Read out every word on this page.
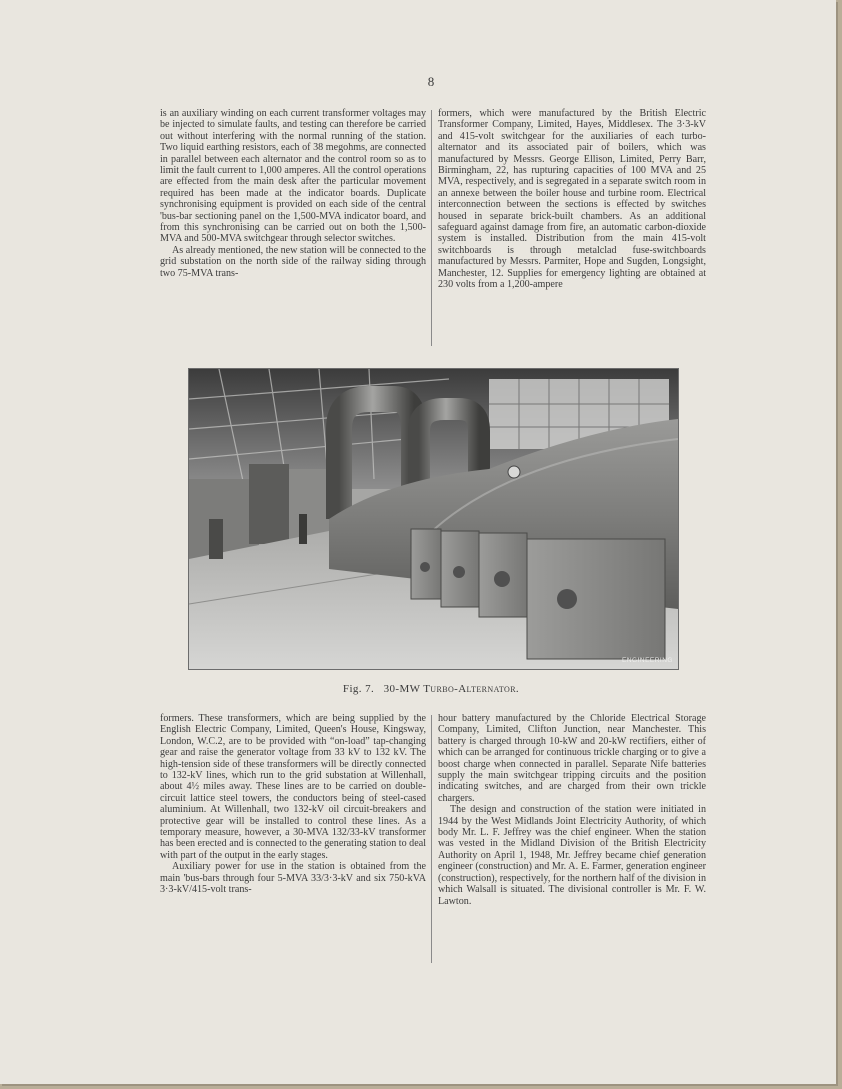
8

is an auxiliary winding on each current transformer voltages may be injected to simulate faults, and testing can therefore be carried out without interfering with the normal running of the station. Two liquid earthing resistors, each of 38 megohms, are connected in parallel between each alternator and the control room so as to limit the fault current to 1,000 amperes. All the control operations are effected from the main desk after the particular movement required has been made at the indicator boards. Duplicate synchronising equipment is provided on each side of the central 'bus-bar sectioning panel on the 1,500-MVA indicator board, and from this synchronising can be carried out on both the 1,500-MVA and 500-MVA switchgear through selector switches.

As already mentioned, the new station will be connected to the grid substation on the north side of the railway siding through two 75-MVA trans-

formers, which were manufactured by the British Electric Transformer Company, Limited, Hayes, Middlesex. The 3·3-kV and 415-volt switchgear for the auxiliaries of each turbo-alternator and its associated pair of boilers, which was manufactured by Messrs. George Ellison, Limited, Perry Barr, Birmingham, 22, has rupturing capacities of 100 MVA and 25 MVA, respectively, and is segregated in a separate switch room in an annexe between the boiler house and turbine room. Electrical interconnection between the sections is effected by switches housed in separate brick-built chambers. As an additional safeguard against damage from fire, an automatic carbon-dioxide system is installed. Distribution from the main 415-volt switchboards is through metalclad fuse-switchboards manufactured by Messrs. Parmiter, Hope and Sugden, Longsight, Manchester, 12. Supplies for emergency lighting are obtained at 230 volts from a 1,200-ampere

ENGINEERING
Fig. 7. 30-MW Turbo-Alternator.

formers. These transformers, which are being supplied by the English Electric Company, Limited, Queen's House, Kingsway, London, W.C.2, are to be provided with “on-load” tap-changing gear and raise the generator voltage from 33 kV to 132 kV. The high-tension side of these transformers will be directly connected to 132-kV lines, which run to the grid substation at Willenhall, about 4½ miles away. These lines are to be carried on double-circuit lattice steel towers, the conductors being of steel-cased aluminium. At Willenhall, two 132-kV oil circuit-breakers and protective gear will be installed to control these lines. As a temporary measure, however, a 30-MVA 132/33-kV transformer has been erected and is connected to the generating station to deal with part of the output in the early stages.

Auxiliary power for use in the station is obtained from the main 'bus-bars through four 5-MVA 33/3·3-kV and six 750-kVA 3·3-kV/415-volt trans-

hour battery manufactured by the Chloride Electrical Storage Company, Limited, Clifton Junction, near Manchester. This battery is charged through 10-kW and 20-kW rectifiers, either of which can be arranged for continuous trickle charging or to give a boost charge when connected in parallel. Separate Nife batteries supply the main switchgear tripping circuits and the position indicating switches, and are charged from their own trickle chargers.

The design and construction of the station were initiated in 1944 by the West Midlands Joint Electricity Authority, of which body Mr. L. F. Jeffrey was the chief engineer. When the station was vested in the Midland Division of the British Electricity Authority on April 1, 1948, Mr. Jeffrey became chief generation engineer (construction) and Mr. A. E. Farmer, generation engineer (construction), respectively, for the northern half of the division in which Walsall is situated. The divisional controller is Mr. F. W. Lawton.
